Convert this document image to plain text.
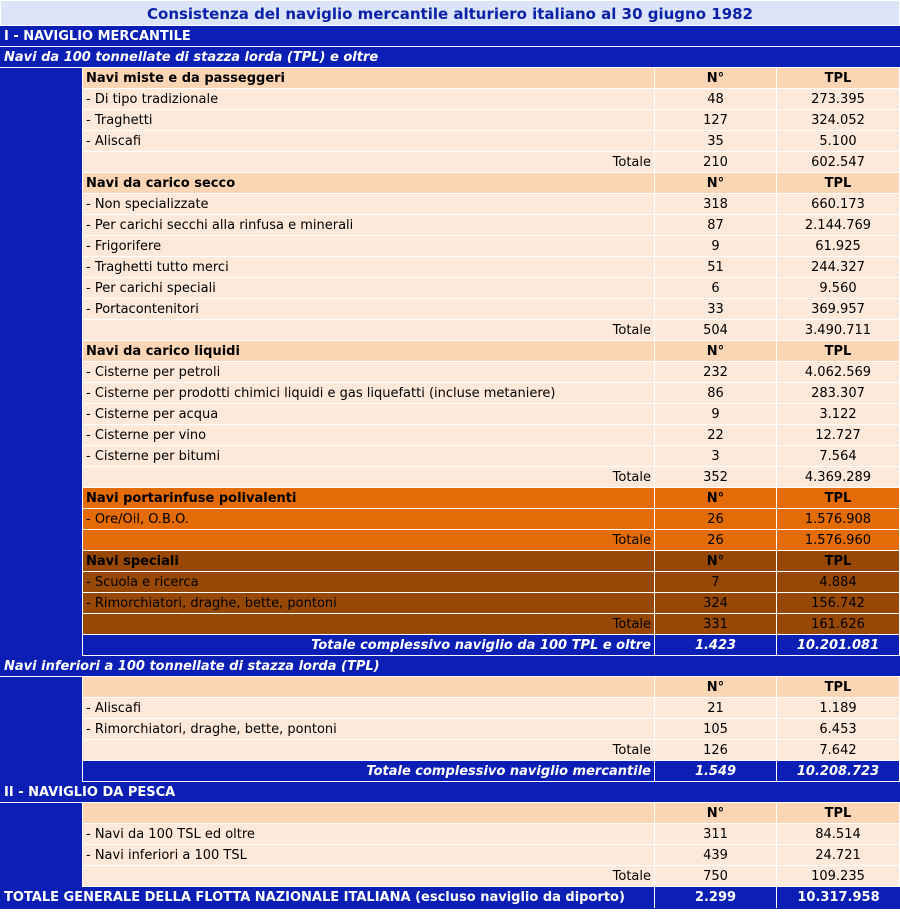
Consistenza del naviglio mercantile alturiero italiano al 30 giugno 1982
I - NAVIGLIO MERCANTILE
Navi da 100 tonnellate di stazza lorda (TPL) e oltre
Navi miste e da passeggeri	N°	TPL
- Di tipo tradizionale	48	273.395
- Traghetti	127	324.052
- Aliscafi	35	5.100
Totale	210	602.547
Navi da carico secco	N°	TPL
- Non specializzate	318	660.173
- Per carichi secchi alla rinfusa e minerali	87	2.144.769
- Frigorifere	9	61.925
- Traghetti tutto merci	51	244.327
- Per carichi speciali	6	9.560
- Portacontenitori	33	369.957
Totale	504	3.490.711
Navi da carico liquidi	N°	TPL
- Cisterne per petroli	232	4.062.569
- Cisterne per prodotti chimici liquidi e gas liquefatti (incluse metaniere)	86	283.307
- Cisterne per acqua	9	3.122
- Cisterne per vino	22	12.727
- Cisterne per bitumi	3	7.564
Totale	352	4.369.289
Navi portarinfuse polivalenti	N°	TPL
- Ore/Oil, O.B.O.	26	1.576.908
Totale	26	1.576.960
Navi speciali	N°	TPL
- Scuola e ricerca	7	4.884
- Rimorchiatori, draghe, bette, pontoni	324	156.742
Totale	331	161.626
Totale complessivo naviglio da 100 TPL e oltre	1.423	10.201.081
Navi inferiori a 100 tonnellate di stazza lorda (TPL)
N°	TPL
- Aliscafi	21	1.189
- Rimorchiatori, draghe, bette, pontoni	105	6.453
Totale	126	7.642
Totale complessivo naviglio mercantile	1.549	10.208.723
II - NAVIGLIO DA PESCA
N°	TPL
- Navi da 100 TSL ed oltre	311	84.514
- Navi inferiori a 100 TSL	439	24.721
Totale	750	109.235
TOTALE GENERALE DELLA FLOTTA NAZIONALE ITALIANA (escluso naviglio da diporto)	2.299	10.317.958
